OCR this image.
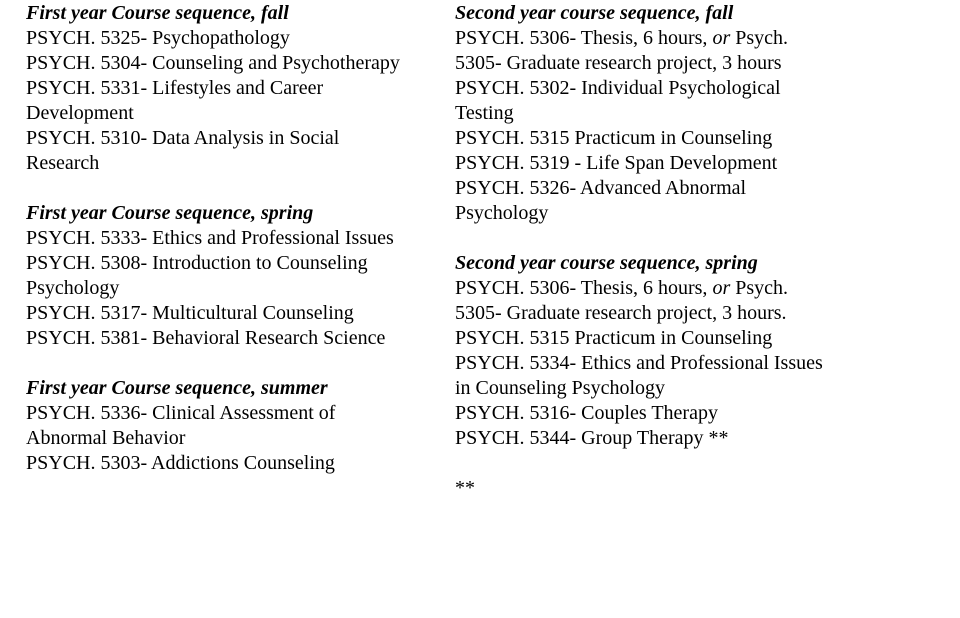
First year Course sequence, fall
PSYCH. 5325- Psychopathology
PSYCH. 5304- Counseling and Psychotherapy
PSYCH. 5331- Lifestyles and Career
Development
PSYCH. 5310- Data Analysis in Social
Research
First year Course sequence, spring
PSYCH. 5333- Ethics and Professional Issues
PSYCH. 5308- Introduction to Counseling
Psychology
PSYCH. 5317- Multicultural Counseling
PSYCH. 5381- Behavioral Research Science
First year Course sequence, summer
PSYCH. 5336- Clinical Assessment of
Abnormal Behavior
PSYCH. 5303- Addictions Counseling
Second year course sequence, fall
PSYCH. 5306- Thesis, 6 hours, or Psych.
5305- Graduate research project, 3 hours
PSYCH. 5302- Individual Psychological
Testing
PSYCH. 5315 Practicum in Counseling
PSYCH. 5319 - Life Span Development
PSYCH. 5326- Advanced Abnormal
Psychology
Second year course sequence, spring
PSYCH. 5306- Thesis, 6 hours, or Psych.
5305- Graduate research project, 3 hours.
PSYCH. 5315 Practicum in Counseling
PSYCH. 5334- Ethics and Professional Issues
in Counseling Psychology
PSYCH. 5316- Couples Therapy
PSYCH. 5344- Group Therapy **
**
